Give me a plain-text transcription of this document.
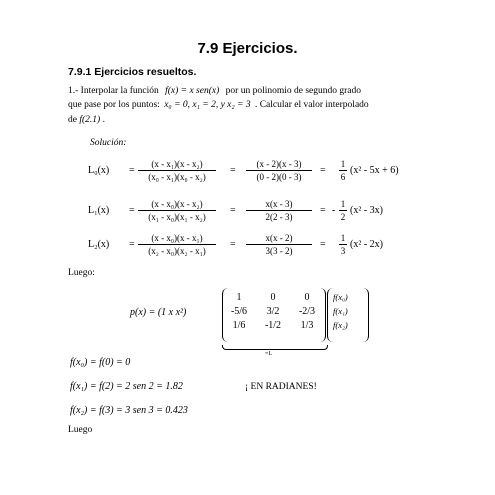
7.9 Ejercicios.
7.9.1 Ejercicios resueltos.
1.- Interpolar la función f(x) = x sen(x) por un polinomio de segundo grado
que pase por los puntos: x₀ = 0, x₁ = 2, y x₂ = 3 . Calcular el valor interpolado
de f(2.1) .
Solución:
L₀(x) =
(x - x₁)(x - x₂)
(x₀ - x₁)(x₀ - x₂)
=
(x - 2)(x - 3)
(0 - 2)(0 - 3)
=
1
6
(x² - 5x + 6)
L₁(x) =
(x - x₀)(x - x₂)
(x₁ - x₀)(x₁ - x₂)
=
x(x - 3)
2(2 - 3)
= -
1
2
(x² - 3x)
L₂(x) =
(x - x₀)(x - x₁)
(x₂ - x₀)(x₂ - x₁)
=
x(x - 2)
3(3 - 2)
=
1
3
(x² - 2x)
Luego:
p(x) = (1 x x²)
1	0	0
-5/6	3/2	-2/3
1/6	-1/2	1/3
=L
f(x₀)
f(x₁)
f(x₂)
f(x₀) = f(0) = 0
f(x₁) = f(2) = 2 sen 2 = 1.82	¡ EN RADIANES!
f(x₂) = f(3) = 3 sen 3 = 0.423
Luego
